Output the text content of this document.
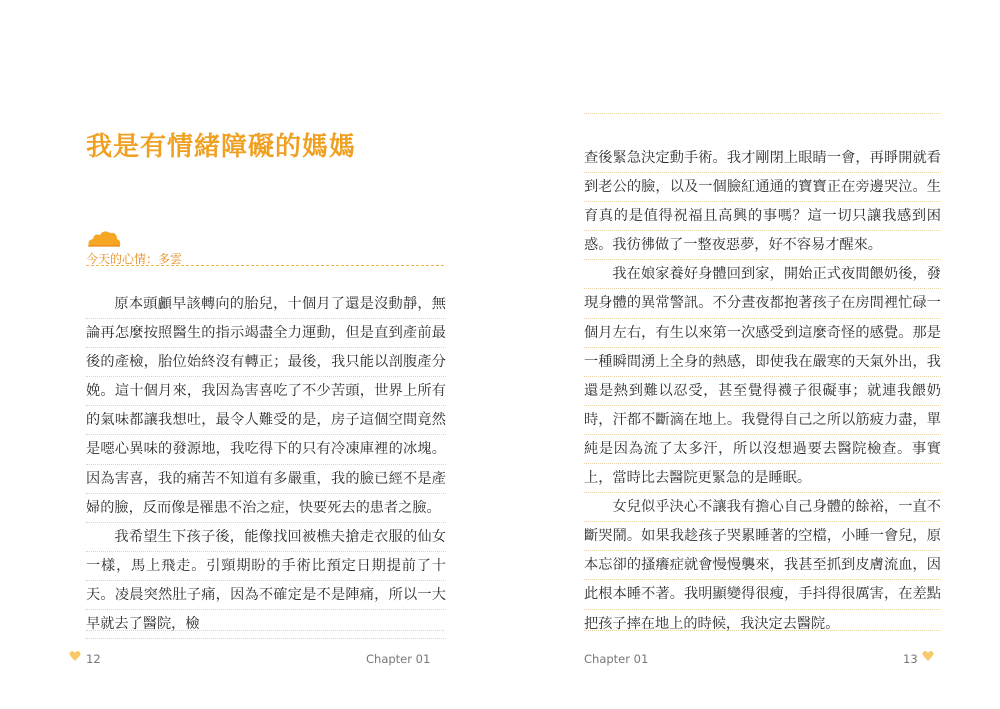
我是有情緒障礙的媽媽
今天的心情：多雲

原本頭顱早該轉向的胎兒，十個月了還是沒動靜，無論再怎麼按照醫生的指示竭盡全力運動，但是直到產前最後的產檢，胎位始終沒有轉正；最後，我只能以剖腹產分娩。這十個月來，我因為害喜吃了不少苦頭，世界上所有的氣味都讓我想吐，最令人難受的是，房子這個空間竟然是噁心異味的發源地，我吃得下的只有冷凍庫裡的冰塊。因為害喜，我的痛苦不知道有多嚴重，我的臉已經不是產婦的臉，反而像是罹患不治之症，快要死去的患者之臉。

我希望生下孩子後，能像找回被樵夫搶走衣服的仙女一樣，馬上飛走。引頸期盼的手術比預定日期提前了十天。凌晨突然肚子痛，因為不確定是不是陣痛，所以一大早就去了醫院，檢

12	Chapter 01

查後緊急決定動手術。我才剛閉上眼睛一會，再睜開就看到老公的臉，以及一個臉紅通通的寶寶正在旁邊哭泣。生育真的是值得祝福且高興的事嗎？這一切只讓我感到困惑。我彷彿做了一整夜惡夢，好不容易才醒來。

我在娘家養好身體回到家，開始正式夜間餵奶後，發現身體的異常警訊。不分晝夜都抱著孩子在房間裡忙碌一個月左右，有生以來第一次感受到這麼奇怪的感覺。那是一種瞬間湧上全身的熱感，即使我在嚴寒的天氣外出，我還是熱到難以忍受，甚至覺得襪子很礙事；就連我餵奶時，汗都不斷滴在地上。我覺得自己之所以筋疲力盡，單純是因為流了太多汗，所以沒想過要去醫院檢查。事實上，當時比去醫院更緊急的是睡眠。

女兒似乎決心不讓我有擔心自己身體的餘裕，一直不斷哭鬧。如果我趁孩子哭累睡著的空檔，小睡一會兒，原本忘卻的搔癢症就會慢慢襲來，我甚至抓到皮膚流血，因此根本睡不著。我明顯變得很瘦，手抖得很厲害，在差點把孩子摔在地上的時候，我決定去醫院。

Chapter 01	13
